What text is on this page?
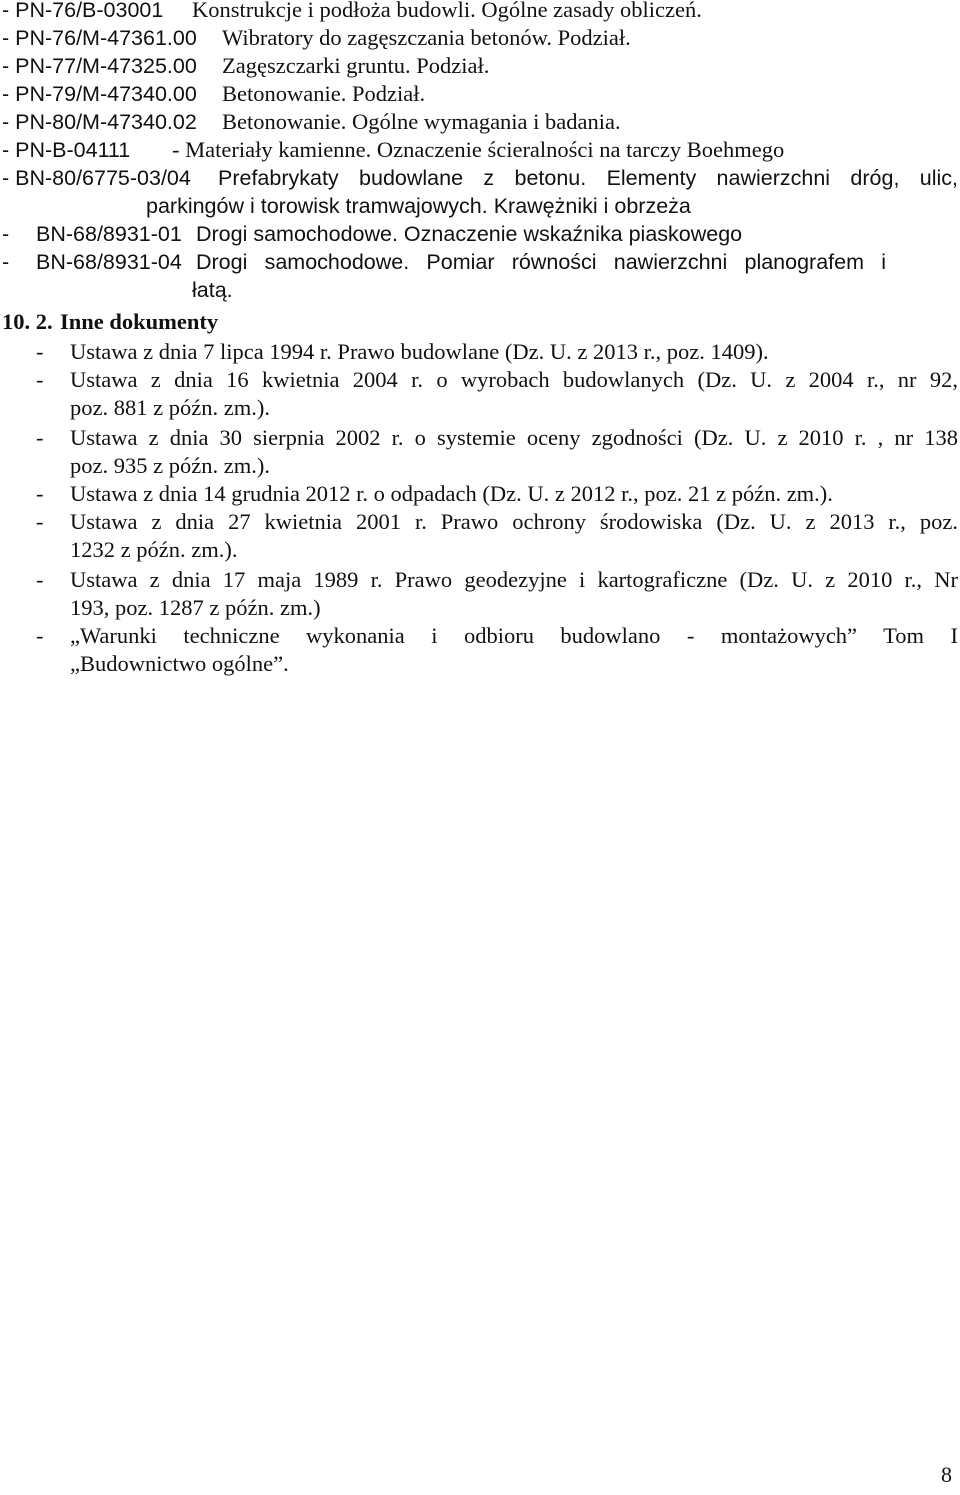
- PN-76/B-03001 Konstrukcje i podłoża budowli. Ogólne zasady obliczeń.
- PN-76/M-47361.00 Wibratory do zagęszczania betonów. Podział.
- PN-77/M-47325.00 Zagęszczarki gruntu. Podział.
- PN-79/M-47340.00 Betonowanie. Podział.
- PN-80/M-47340.02 Betonowanie. Ogólne wymagania i badania.
- PN-B-04111 - Materiały kamienne. Oznaczenie ścieralności na tarczy Boehmego
- BN-80/6775-03/04 Prefabrykaty budowlane z betonu. Elementy nawierzchni dróg, ulic,
parkingów i torowisk tramwajowych. Krawężniki i obrzeża
- BN-68/8931-01 Drogi samochodowe. Oznaczenie wskaźnika piaskowego
- BN-68/8931-04 Drogi samochodowe. Pomiar równości nawierzchni planografem i
łatą.
10. 2. Inne dokumenty
- Ustawa z dnia 7 lipca 1994 r. Prawo budowlane (Dz. U. z 2013 r., poz. 1409).
- Ustawa z dnia 16 kwietnia 2004 r. o wyrobach budowlanych (Dz. U. z 2004 r., nr 92,
poz. 881 z późn. zm.).
- Ustawa z dnia 30 sierpnia 2002 r. o systemie oceny zgodności (Dz. U. z 2010 r. , nr 138
poz. 935 z późn. zm.).
- Ustawa z dnia 14 grudnia 2012 r. o odpadach (Dz. U. z 2012 r., poz. 21 z późn. zm.).
- Ustawa z dnia 27 kwietnia 2001 r. Prawo ochrony środowiska (Dz. U. z 2013 r., poz.
1232 z późn. zm.).
- Ustawa z dnia 17 maja 1989 r. Prawo geodezyjne i kartograficzne (Dz. U. z 2010 r., Nr
193, poz. 1287 z późn. zm.)
- „Warunki techniczne wykonania i odbioru budowlano - montażowych” Tom I
„Budownictwo ogólne”.
8
